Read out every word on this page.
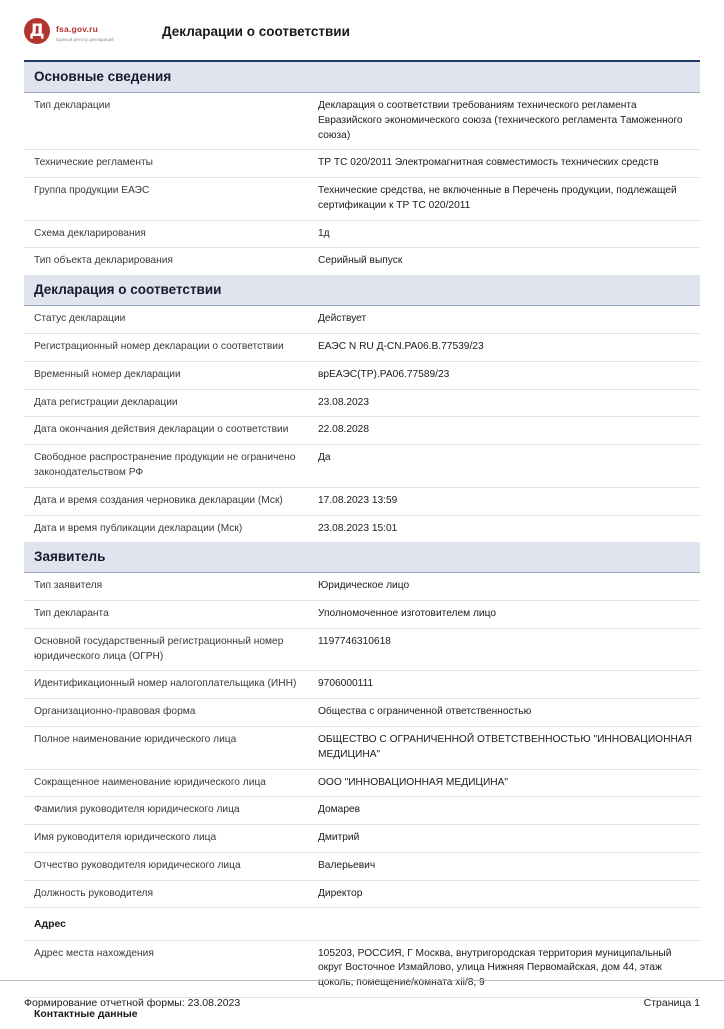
Д	fsa.gov.ru
Единый реестр деклараций
Декларации о соответствии
Основные сведения
Тип декларации	Декларация о соответствии требованиям технического регламента Евразийского экономического союза (технического регламента Таможенного союза)
Технические регламенты	ТР ТС 020/2011 Электромагнитная совместимость технических средств
Группа продукции ЕАЭС	Технические средства, не включенные в Перечень продукции, подлежащей сертификации к ТР ТС 020/2011
Схема декларирования	1д
Тип объекта декларирования	Серийный выпуск
Декларация о соответствии
Статус декларации	Действует
Регистрационный номер декларации о соответствии	ЕАЭС N RU Д-CN.РА06.В.77539/23
Временный номер декларации	врЕАЭС(ТР).РА06.77589/23
Дата регистрации декларации	23.08.2023
Дата окончания действия декларации о соответствии	22.08.2028
Свободное распространение продукции не ограничено законодательством РФ	Да
Дата и время создания черновика декларации (Мск)	17.08.2023 13:59
Дата и время публикации декларации (Мск)	23.08.2023 15:01
Заявитель
Тип заявителя	Юридическое лицо
Тип декларанта	Уполномоченное изготовителем лицо
Основной государственный регистрационный номер юридического лица (ОГРН)	1197746310618
Идентификационный номер налогоплательщика (ИНН)	9706000111
Организационно-правовая форма	Общества с ограниченной ответственностью
Полное наименование юридического лица	ОБЩЕСТВО С ОГРАНИЧЕННОЙ ОТВЕТСТВЕННОСТЬЮ "ИННОВАЦИОННАЯ МЕДИЦИНА"
Сокращенное наименование юридического лица	ООО "ИННОВАЦИОННАЯ МЕДИЦИНА"
Фамилия руководителя юридического лица	Домарев
Имя руководителя юридического лица	Дмитрий
Отчество руководителя юридического лица	Валерьевич
Должность руководителя	Директор
Адрес	
Адрес места нахождения	105203, РОССИЯ, Г Москва, внутригородская территория муниципальный округ Восточное Измайлово, улица Нижняя Первомайская, дом 44, этаж цоколь, помещение/комната xii/8, 9
Контактные данные	
Формирование отчетной формы: 23.08.2023	Страница 1
